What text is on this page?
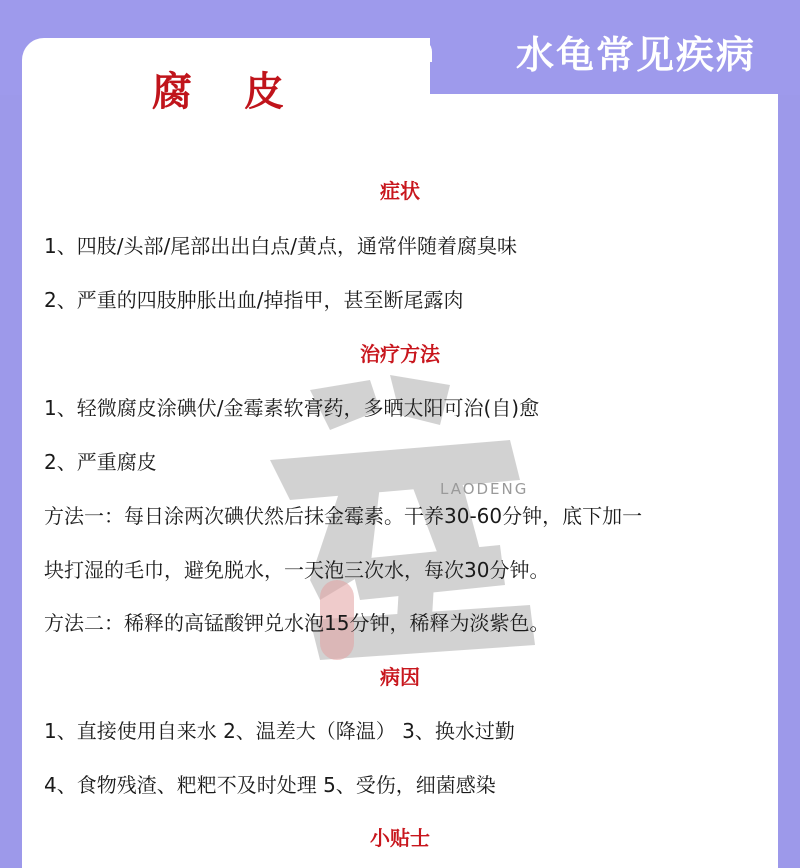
水龟常见疾病
腐皮
LAODENG
症状
1、四肢/头部/尾部出出白点/黄点，通常伴随着腐臭味
2、严重的四肢肿胀出血/掉指甲，甚至断尾露肉
治疗方法
1、轻微腐皮涂碘伏/金霉素软膏药，多晒太阳可治(自)愈
2、严重腐皮
方法一：每日涂两次碘伏然后抹金霉素。干养30-60分钟，底下加一
块打湿的毛巾，避免脱水，一天泡三次水，每次30分钟。
方法二：稀释的高锰酸钾兑水泡15分钟，稀释为淡紫色。
病因
1、直接使用自来水 2、温差大（降温） 3、换水过勤
4、食物残渣、粑粑不及时处理 5、受伤，细菌感染
小贴士
